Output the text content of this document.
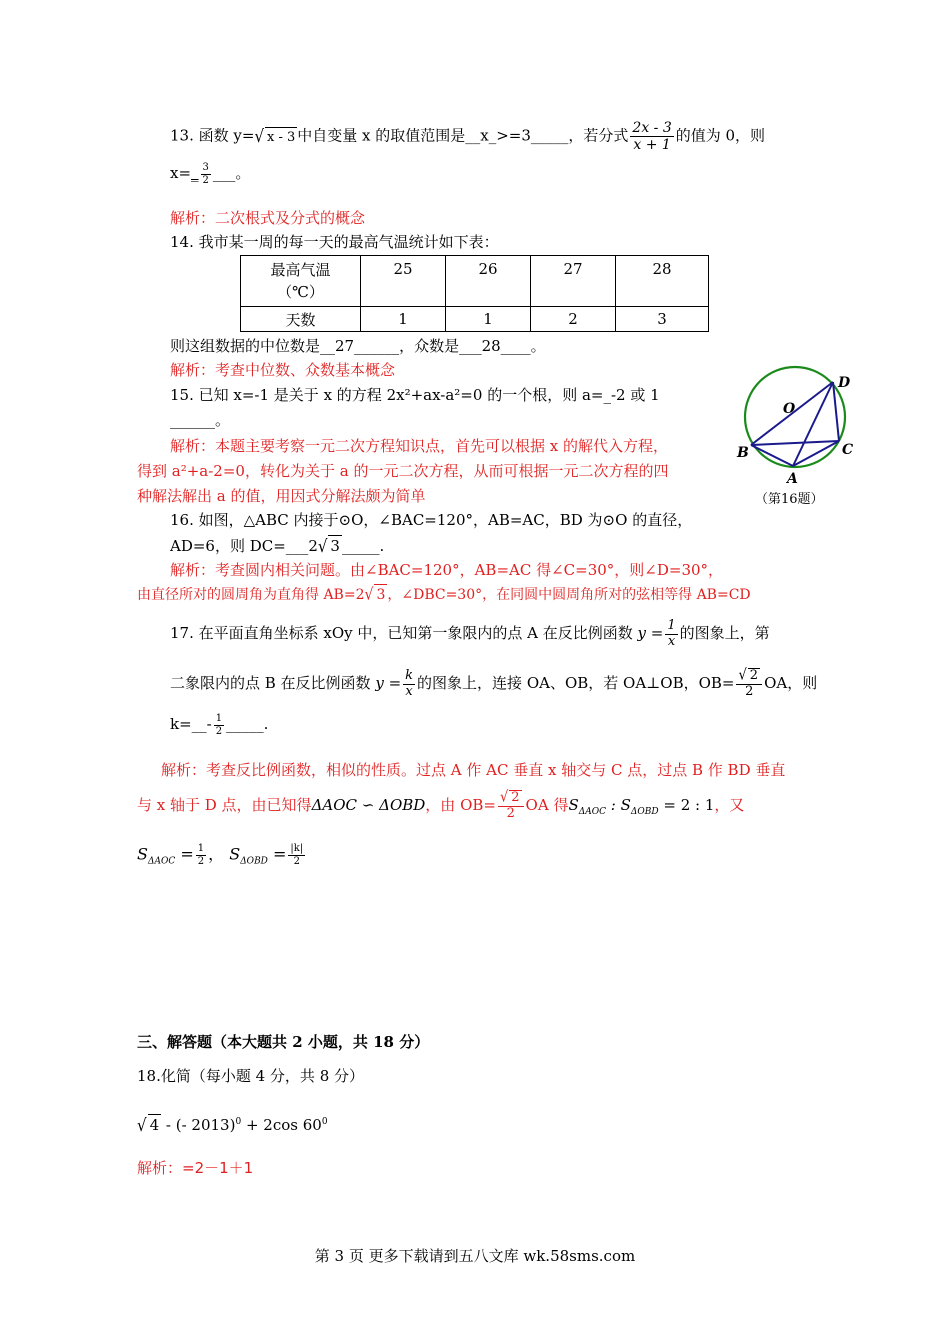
13. 函数 y=√ x - 3 中自变量 x 的取值范围是__x_>=3_____，若分式 $\frac{2x - 3}{x + 1}$ 的值为 0，则
x=_ $\frac{3}{2}$ ___。
解析：二次根式及分式的概念
14. 我市某一周的每一天的最高气温统计如下表：
最高气温
（℃）	25	26	27	28
天数	1	1	2	3
则这组数据的中位数是__27______，众数是___28____。
解析：考查中位数、众数基本概念
15. 已知 x=-1 是关于 x 的方程 2x²+ax-a²=0 的一个根，则 a=_-2 或 1
______。
解析：本题主要考察一元二次方程知识点，首先可以根据 x 的解代入方程，
得到 a²+a-2=0，转化为关于 a 的一元二次方程，从而可根据一元二次方程的四
种解法解出 a 的值，用因式分解法颇为简单
D
O
B	C
A
（第16题）
16. 如图，△ABC 内接于⊙O，∠BAC=120°，AB=AC，BD 为⊙O 的直径，
AD=6，则 DC=___2√ 3 _____.
解析：考查圆内相关问题。由∠BAC=120°，AB=AC 得∠C=30°，则∠D=30°，
由直径所对的圆周角为直角得 AB=2√ 3 ，∠DBC=30°，在同圆中圆周角所对的弦相等得 AB=CD
17. 在平面直角坐标系 xOy 中，已知第一象限内的点 A 在反比例函数 $y = \frac{1}{x}$ 的图象上，第
二象限内的点 B 在反比例函数 $y = \frac{k}{x}$ 的图象上，连接 OA、OB，若 OA⊥OB，$OB= \frac{√ 2}{2}$ OA，则
k=__- $\frac{1}{2}$ _____.
解析：考查反比例函数，相似的性质。过点 A 作 AC 垂直 x 轴交与 C 点，过点 B 作 BD 垂直
与 x 轴于 D 点，由已知得ΔAOC ∽ ΔOBD，由 $OB= \frac{√ 2}{2}$ OA 得$S_{\Delta AOC}$ : $S_{\Delta OBD} = 2$ : 1，又
$S_{\Delta AOC} = \frac{1}{2}$ ， $S_{\Delta OBD} = \frac{|k|}{2}$
三、解答题（本大题共 2 小题，共 18 分）
18.化简（每小题 4 分，共 8 分）
√ 4 - (- 2013)$^0$ + 2cos $60^0$
解析：=2－1＋1
第 3 页 更多下载请到五八文库 wk.58sms.com
